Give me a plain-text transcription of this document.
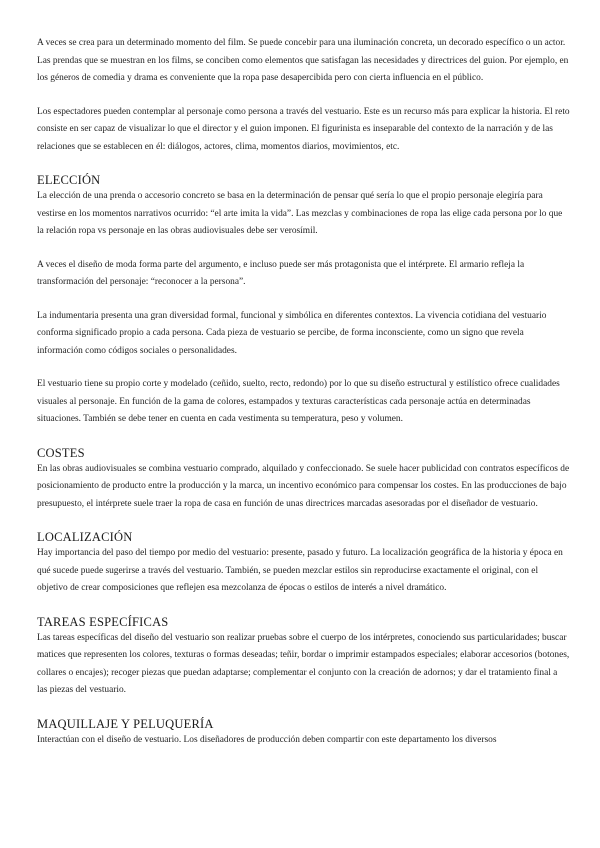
A veces se crea para un determinado momento del film. Se puede concebir para una iluminación concreta, un decorado específico o un actor. Las prendas que se muestran en los films, se conciben como elementos que satisfagan las necesidades y directrices del guion. Por ejemplo, en los géneros de comedia y drama es conveniente que la ropa pase desapercibida pero con cierta influencia en el público.

Los espectadores pueden contemplar al personaje como persona a través del vestuario. Este es un recurso más para explicar la historia. El reto consiste en ser capaz de visualizar lo que el director y el guion imponen. El figurinista es inseparable del contexto de la narración y de las relaciones que se establecen en él: diálogos, actores, clima, momentos diarios, movimientos, etc.

ELECCIÓN

La elección de una prenda o accesorio concreto se basa en la determinación de pensar qué sería lo que el propio personaje elegiría para vestirse en los momentos narrativos ocurrido: “el arte imita la vida”. Las mezclas y combinaciones de ropa las elige cada persona por lo que la relación ropa vs personaje en las obras audiovisuales debe ser verosímil.

A veces el diseño de moda forma parte del argumento, e incluso puede ser más protagonista que el intérprete. El armario refleja la transformación del personaje: “reconocer a la persona”.

La indumentaria presenta una gran diversidad formal, funcional y simbólica en diferentes contextos. La vivencia cotidiana del vestuario conforma significado propio a cada persona. Cada pieza de vestuario se percibe, de forma inconsciente, como un signo que revela información como códigos sociales o personalidades.

El vestuario tiene su propio corte y modelado (ceñido, suelto, recto, redondo) por lo que su diseño estructural y estilístico ofrece cualidades visuales al personaje. En función de la gama de colores, estampados y texturas características cada personaje actúa en determinadas situaciones. También se debe tener en cuenta en cada vestimenta su temperatura, peso y volumen.

COSTES

En las obras audiovisuales se combina vestuario comprado, alquilado y confeccionado. Se suele hacer publicidad con contratos específicos de posicionamiento de producto entre la producción y la marca, un incentivo económico para compensar los costes. En las producciones de bajo presupuesto, el intérprete suele traer la ropa de casa en función de unas directrices marcadas asesoradas por el diseñador de vestuario.

LOCALIZACIÓN

Hay importancia del paso del tiempo por medio del vestuario: presente, pasado y futuro. La localización geográfica de la historia y época en qué sucede puede sugerirse a través del vestuario. También, se pueden mezclar estilos sin reproducirse exactamente el original, con el objetivo de crear composiciones que reflejen esa mezcolanza de épocas o estilos de interés a nivel dramático.

TAREAS ESPECÍFICAS

Las tareas específicas del diseño del vestuario son realizar pruebas sobre el cuerpo de los intérpretes, conociendo sus particularidades; buscar matices que representen los colores, texturas o formas deseadas; teñir, bordar o imprimir estampados especiales; elaborar accesorios (botones, collares o encajes); recoger piezas que puedan adaptarse; complementar el conjunto con la creación de adornos; y dar el tratamiento final a las piezas del vestuario.

MAQUILLAJE Y PELUQUERÍA

Interactúan con el diseño de vestuario. Los diseñadores de producción deben compartir con este departamento los diversos
